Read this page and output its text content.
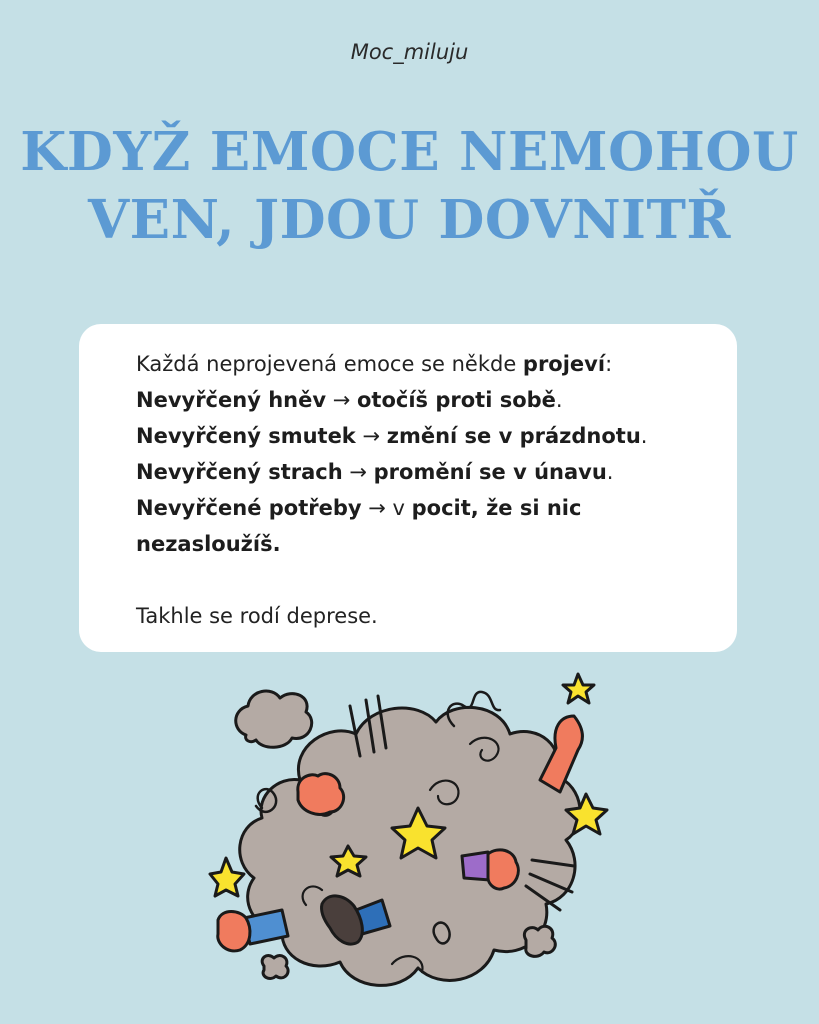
Moc_miluju
KDYŽ EMOCE NEMOHOU
VEN, JDOU DOVNITŘ

Každá neprojevená emoce se někde projeví:

Nevyřčený hněv → otočíš proti sobě.

Nevyřčený smutek → změní se v prázdnotu.

Nevyřčený strach → promění se v únavu.

Nevyřčené potřeby → v pocit, že si nic
nezasloužíš.

Takhle se rodí deprese.
